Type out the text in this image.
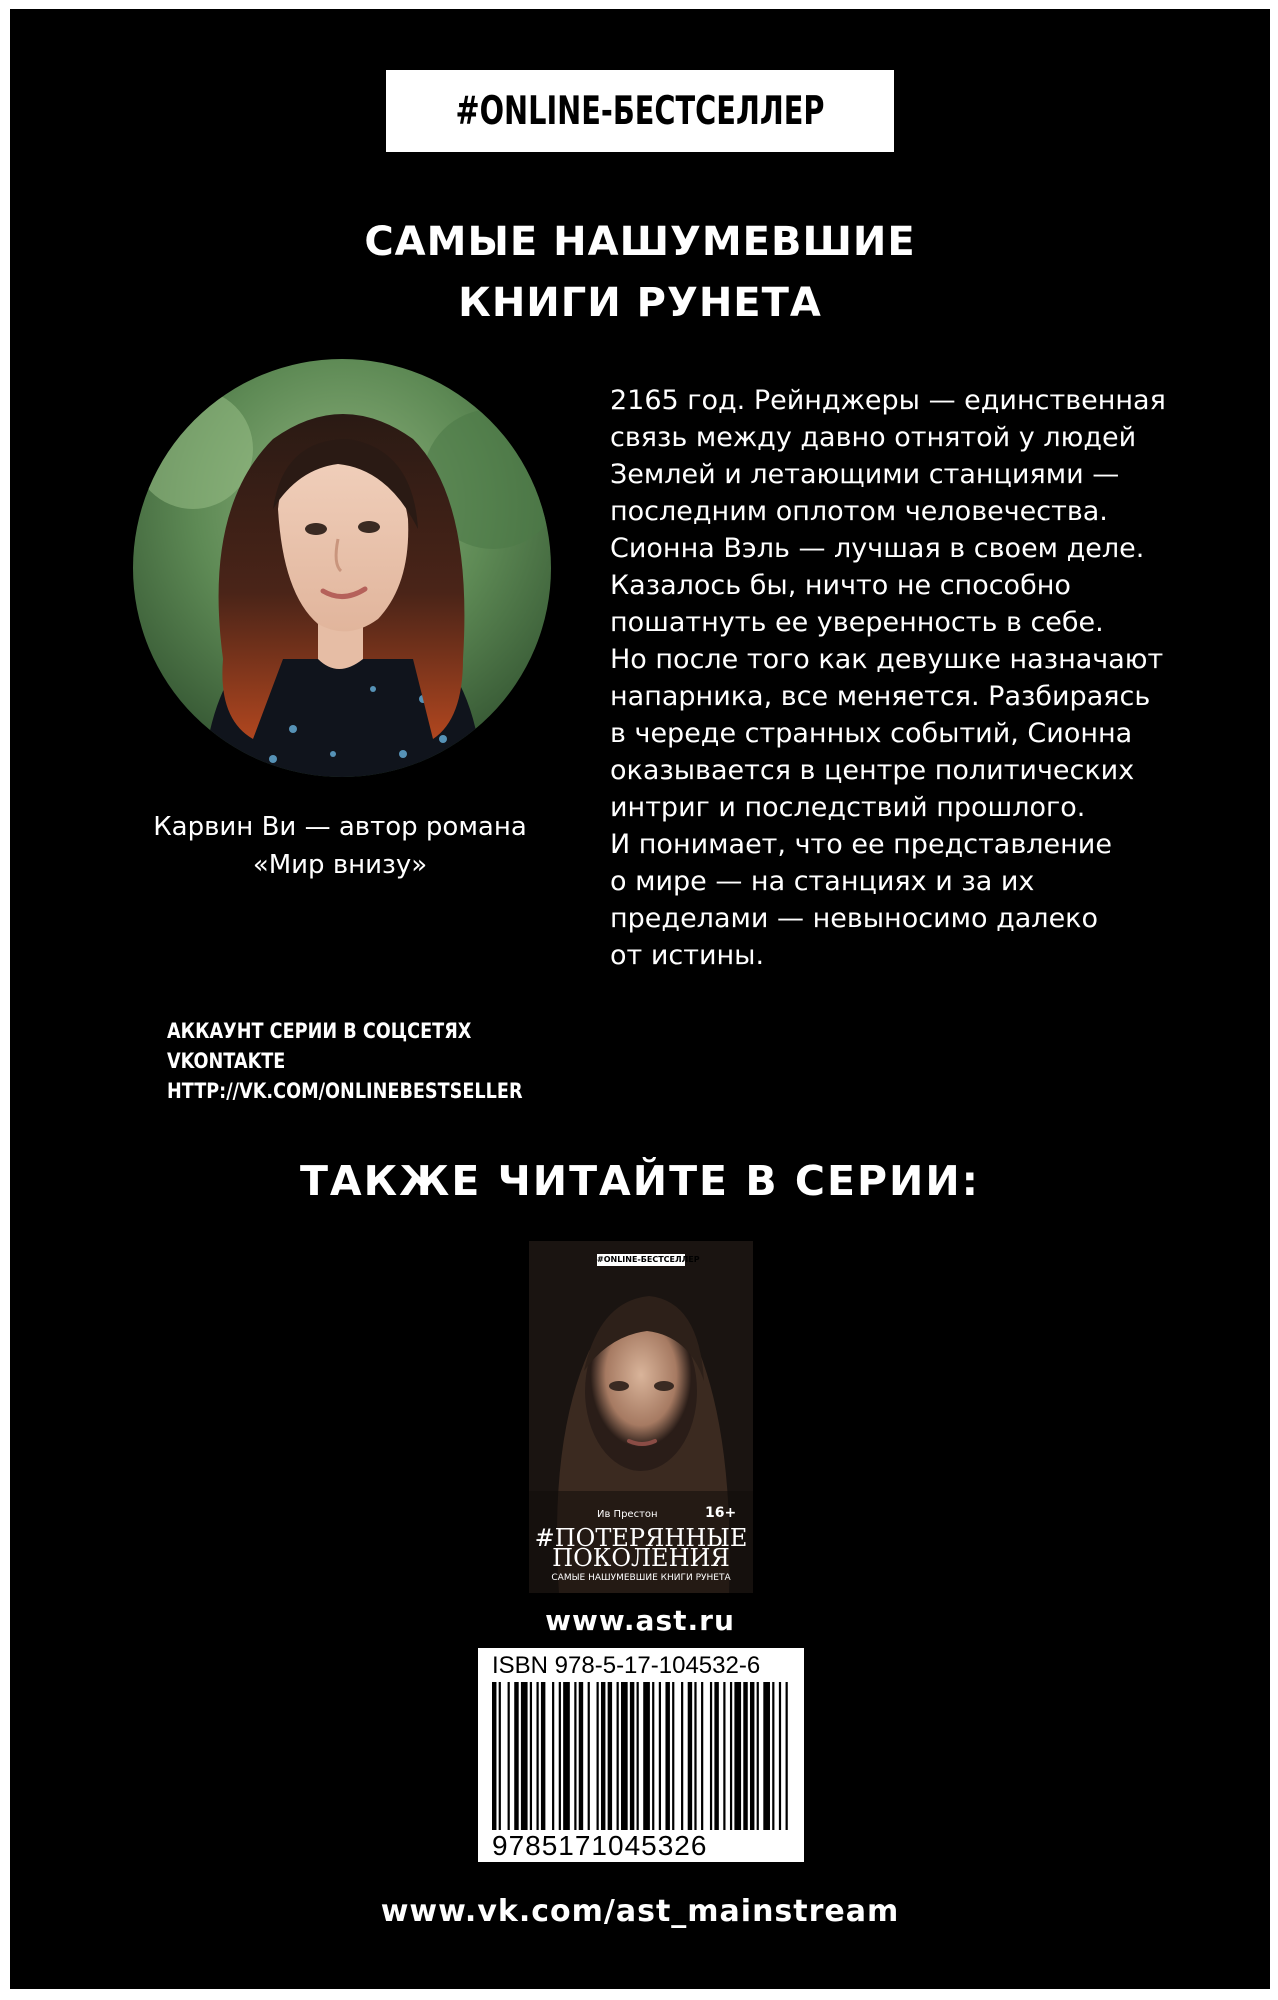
#ONLINE-БЕСТСЕЛЛЕР
САМЫЕ НАШУМЕВШИЕ
КНИГИ РУНЕТА
Карвин Ви — автор романа
«Мир внизу»
2165 год. Рейнджеры — единственная
связь между давно отнятой у людей
Землей и летающими станциями —
последним оплотом человечества.
Сионна Вэль — лучшая в своем деле.
Казалось бы, ничто не способно
пошатнуть ее уверенность в себе.
Но после того как девушке назначают
напарника, все меняется. Разбираясь
в череде странных событий, Сионна
оказывается в центре политических
интриг и последствий прошлого.
И понимает, что ее представление
о мире — на станциях и за их
пределами — невыносимо далеко
от истины.
АККАУНТ СЕРИИ В СОЦСЕТЯХ
VKONTAKTE
HTTP://VK.COM/ONLINEBESTSELLER
ТАКЖЕ ЧИТАЙТЕ В СЕРИИ:
#ONLINE-БЕСТСЕЛЛЕР
Ив Престон	16+
#ПОТЕРЯННЫЕ
ПОКОЛЕНИЯ
САМЫЕ НАШУМЕВШИЕ КНИГИ РУНЕТА
www.ast.ru
ISBN 978-5-17-104532-6
9785171045326
www.vk.com/ast_mainstream
